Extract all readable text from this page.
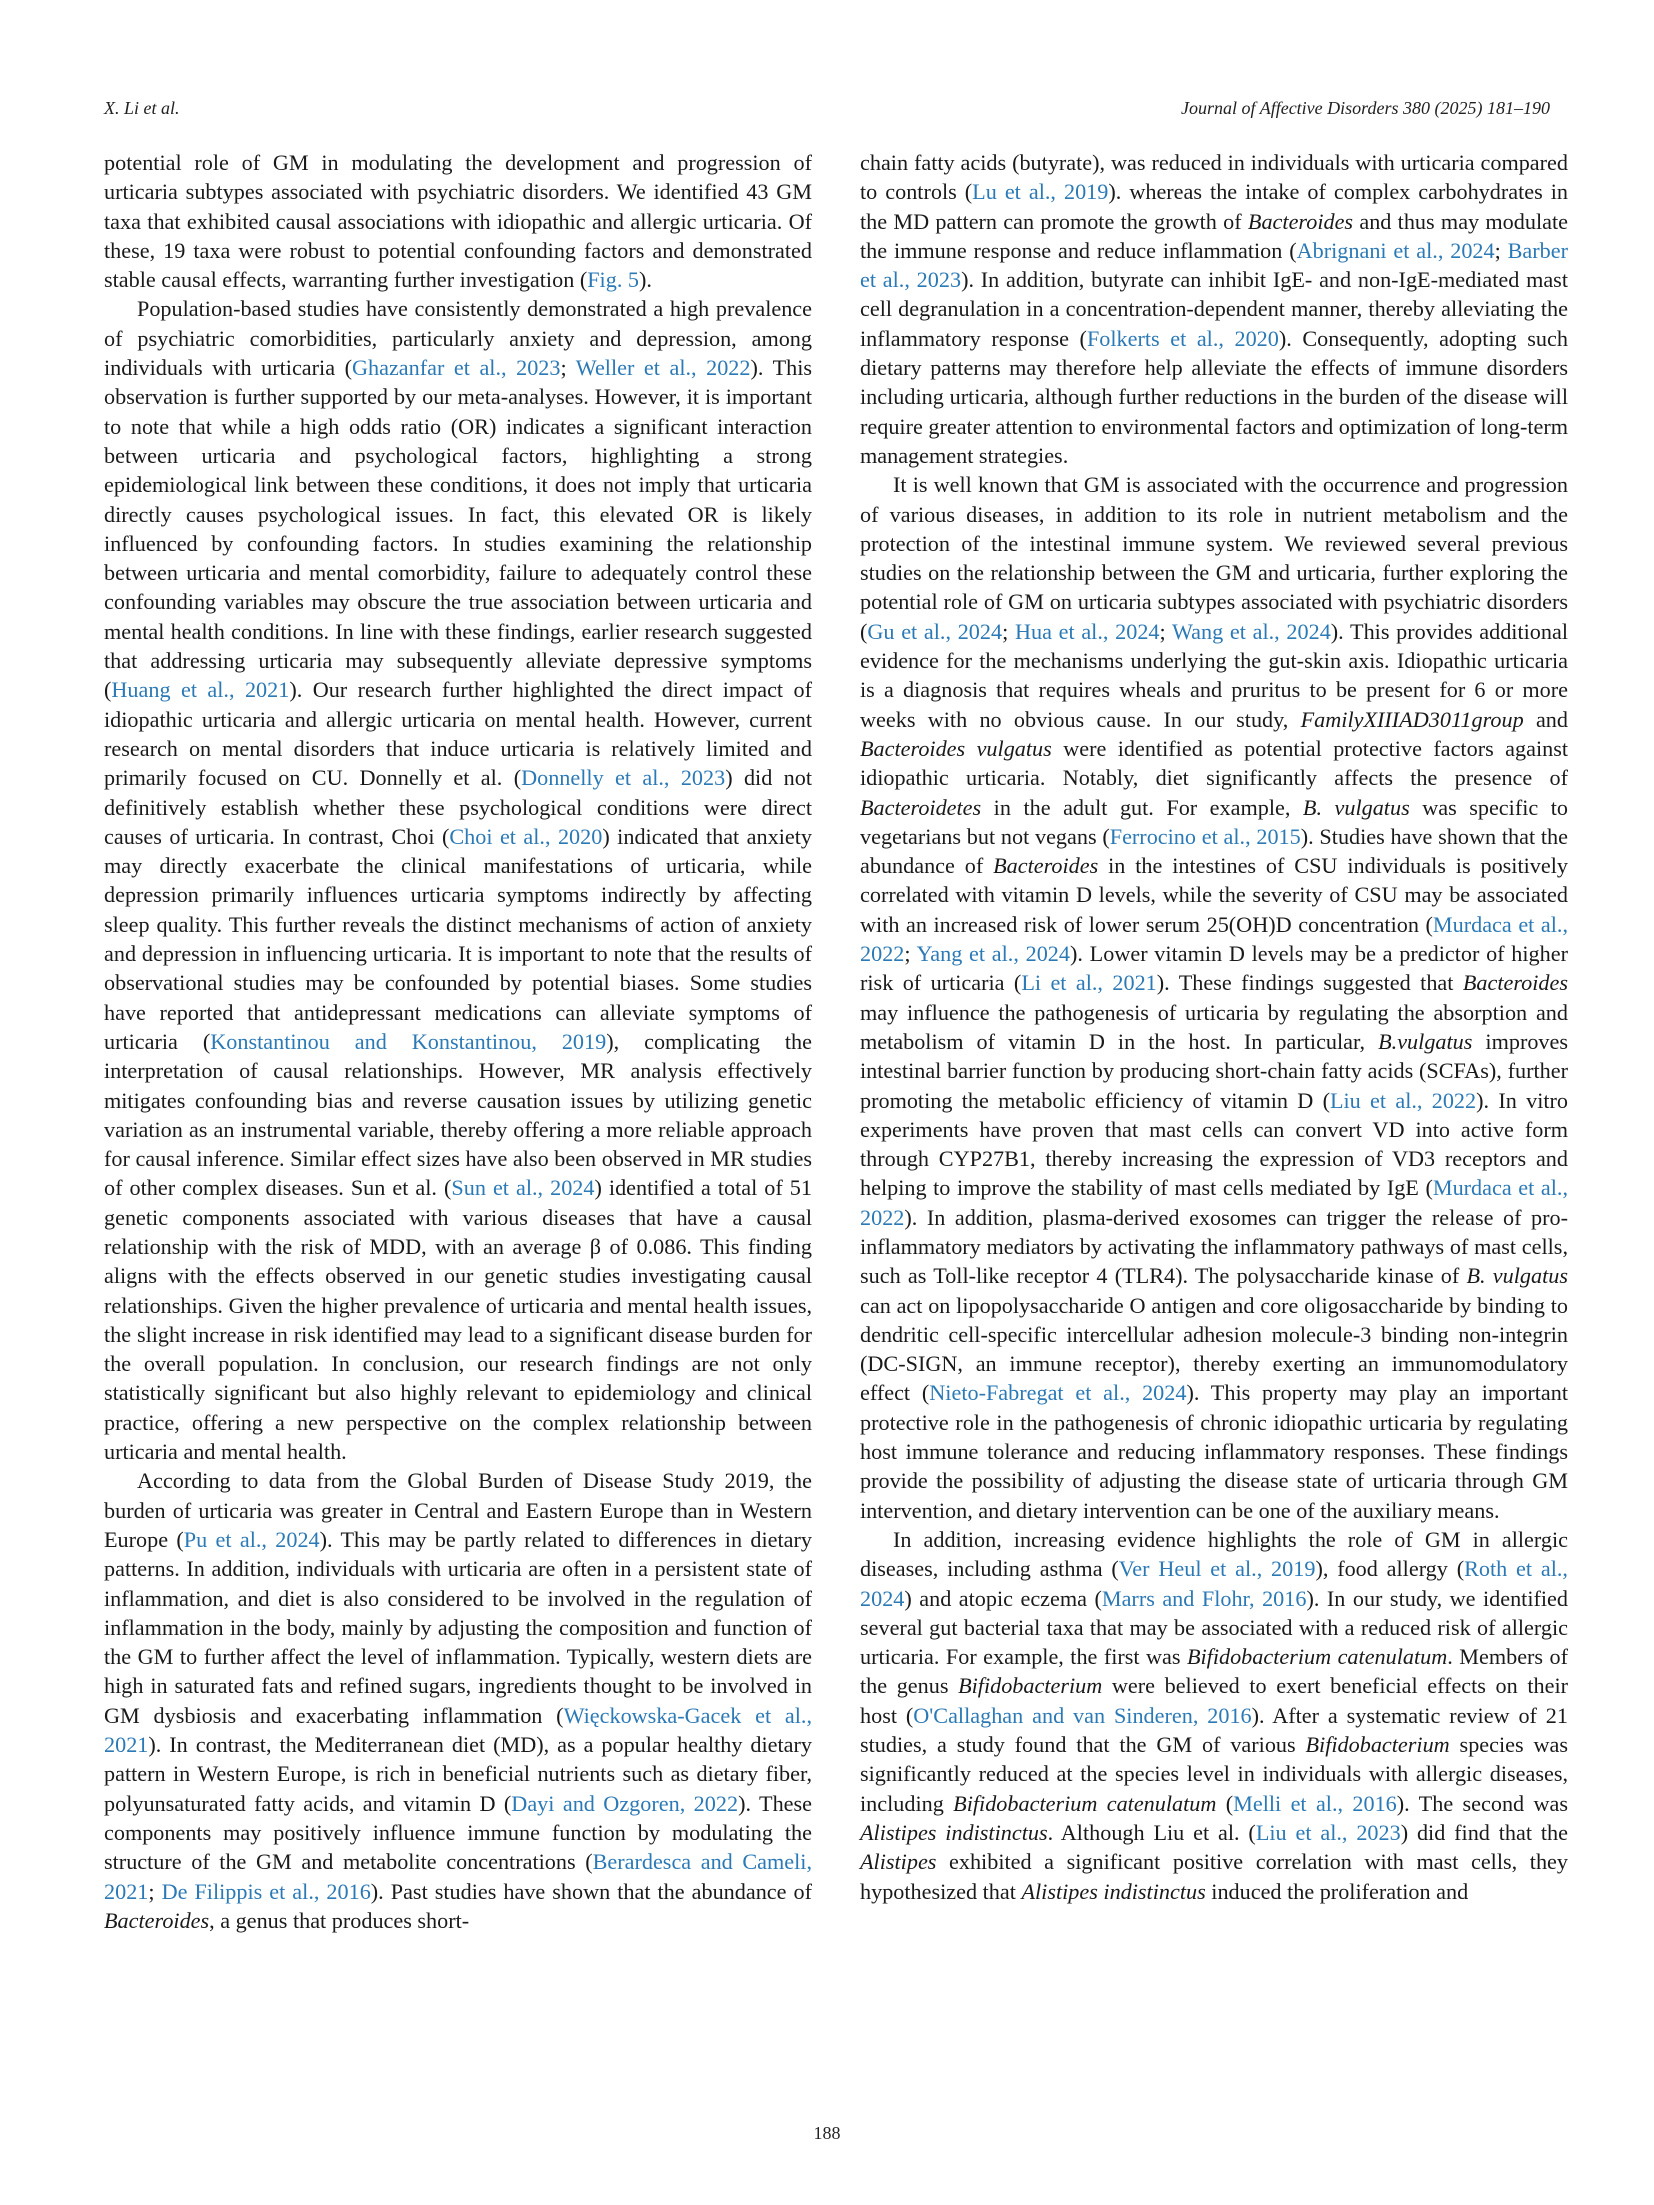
X. Li et al.	Journal of Affective Disorders 380 (2025) 181–190

potential role of GM in modulating the development and progression of urticaria subtypes associated with psychiatric disorders. We identified 43 GM taxa that exhibited causal associations with idiopathic and allergic urticaria. Of these, 19 taxa were robust to potential confounding factors and demonstrated stable causal effects, warranting further investigation (Fig. 5).

Population-based studies have consistently demonstrated a high prevalence of psychiatric comorbidities, particularly anxiety and depression, among individuals with urticaria (Ghazanfar et al., 2023; Weller et al., 2022). This observation is further supported by our meta-analyses. However, it is important to note that while a high odds ratio (OR) indicates a significant interaction between urticaria and psychological factors, highlighting a strong epidemiological link between these conditions, it does not imply that urticaria directly causes psychological issues. In fact, this elevated OR is likely influenced by confounding factors. In studies examining the relationship between urticaria and mental comorbidity, failure to adequately control these confounding variables may obscure the true association between urticaria and mental health conditions. In line with these findings, earlier research suggested that addressing urticaria may subsequently alleviate depressive symptoms (Huang et al., 2021). Our research further highlighted the direct impact of idiopathic urticaria and allergic urticaria on mental health. However, current research on mental disorders that induce urticaria is relatively limited and primarily focused on CU. Donnelly et al. (Donnelly et al., 2023) did not definitively establish whether these psychological conditions were direct causes of urticaria. In contrast, Choi (Choi et al., 2020) indicated that anxiety may directly exacerbate the clinical manifestations of urticaria, while depression primarily influences urticaria symptoms indirectly by affecting sleep quality. This further reveals the distinct mechanisms of action of anxiety and depression in influencing urticaria. It is important to note that the results of observational studies may be confounded by potential biases. Some studies have reported that antidepressant medications can alleviate symptoms of urticaria (Konstantinou and Konstantinou, 2019), complicating the interpretation of causal relationships. However, MR analysis effectively mitigates confounding bias and reverse causation issues by utilizing genetic variation as an instrumental variable, thereby offering a more reliable approach for causal inference. Similar effect sizes have also been observed in MR studies of other complex diseases. Sun et al. (Sun et al., 2024) identified a total of 51 genetic components associated with various diseases that have a causal relationship with the risk of MDD, with an average β of 0.086. This finding aligns with the effects observed in our genetic studies investigating causal relationships. Given the higher prevalence of urticaria and mental health issues, the slight increase in risk identified may lead to a significant disease burden for the overall population. In conclusion, our research findings are not only statistically significant but also highly relevant to epidemiology and clinical practice, offering a new perspective on the complex relationship between urticaria and mental health.

According to data from the Global Burden of Disease Study 2019, the burden of urticaria was greater in Central and Eastern Europe than in Western Europe (Pu et al., 2024). This may be partly related to differences in dietary patterns. In addition, individuals with urticaria are often in a persistent state of inflammation, and diet is also considered to be involved in the regulation of inflammation in the body, mainly by adjusting the composition and function of the GM to further affect the level of inflammation. Typically, western diets are high in saturated fats and refined sugars, ingredients thought to be involved in GM dysbiosis and exacerbating inflammation (Więckowska-Gacek et al., 2021). In contrast, the Mediterranean diet (MD), as a popular healthy dietary pattern in Western Europe, is rich in beneficial nutrients such as dietary fiber, polyunsaturated fatty acids, and vitamin D (Dayi and Ozgoren, 2022). These components may positively influence immune function by modulating the structure of the GM and metabolite concentrations (Berardesca and Cameli, 2021; De Filippis et al., 2016). Past studies have shown that the abundance of Bacteroides, a genus that produces short-

chain fatty acids (butyrate), was reduced in individuals with urticaria compared to controls (Lu et al., 2019). whereas the intake of complex carbohydrates in the MD pattern can promote the growth of Bacteroides and thus may modulate the immune response and reduce inflammation (Abrignani et al., 2024; Barber et al., 2023). In addition, butyrate can inhibit IgE- and non-IgE-mediated mast cell degranulation in a concentration-dependent manner, thereby alleviating the inflammatory response (Folkerts et al., 2020). Consequently, adopting such dietary patterns may therefore help alleviate the effects of immune disorders including urticaria, although further reductions in the burden of the disease will require greater attention to environmental factors and optimization of long-term management strategies.

It is well known that GM is associated with the occurrence and progression of various diseases, in addition to its role in nutrient metabolism and the protection of the intestinal immune system. We reviewed several previous studies on the relationship between the GM and urticaria, further exploring the potential role of GM on urticaria subtypes associated with psychiatric disorders (Gu et al., 2024; Hua et al., 2024; Wang et al., 2024). This provides additional evidence for the mechanisms underlying the gut-skin axis. Idiopathic urticaria is a diagnosis that requires wheals and pruritus to be present for 6 or more weeks with no obvious cause. In our study, FamilyXIIIAD3011group and Bacteroides vulgatus were identified as potential protective factors against idiopathic urticaria. Notably, diet significantly affects the presence of Bacteroidetes in the adult gut. For example, B. vulgatus was specific to vegetarians but not vegans (Ferrocino et al., 2015). Studies have shown that the abundance of Bacteroides in the intestines of CSU individuals is positively correlated with vitamin D levels, while the severity of CSU may be associated with an increased risk of lower serum 25(OH)D concentration (Murdaca et al., 2022; Yang et al., 2024). Lower vitamin D levels may be a predictor of higher risk of urticaria (Li et al., 2021). These findings suggested that Bacteroides may influence the pathogenesis of urticaria by regulating the absorption and metabolism of vitamin D in the host. In particular, B.vulgatus improves intestinal barrier function by producing short-chain fatty acids (SCFAs), further promoting the metabolic efficiency of vitamin D (Liu et al., 2022). In vitro experiments have proven that mast cells can convert VD into active form through CYP27B1, thereby increasing the expression of VD3 receptors and helping to improve the stability of mast cells mediated by IgE (Murdaca et al., 2022). In addition, plasma-derived exosomes can trigger the release of pro-inflammatory mediators by activating the inflammatory pathways of mast cells, such as Toll-like receptor 4 (TLR4). The polysaccharide kinase of B. vulgatus can act on lipopolysaccharide O antigen and core oligosaccharide by binding to dendritic cell-specific intercellular adhesion molecule-3 binding non-integrin (DC-SIGN, an immune receptor), thereby exerting an immunomodulatory effect (Nieto-Fabregat et al., 2024). This property may play an important protective role in the pathogenesis of chronic idiopathic urticaria by regulating host immune tolerance and reducing inflammatory responses. These findings provide the possibility of adjusting the disease state of urticaria through GM intervention, and dietary intervention can be one of the auxiliary means.

In addition, increasing evidence highlights the role of GM in allergic diseases, including asthma (Ver Heul et al., 2019), food allergy (Roth et al., 2024) and atopic eczema (Marrs and Flohr, 2016). In our study, we identified several gut bacterial taxa that may be associated with a reduced risk of allergic urticaria. For example, the first was Bifidobacterium catenulatum. Members of the genus Bifidobacterium were believed to exert beneficial effects on their host (O'Callaghan and van Sinderen, 2016). After a systematic review of 21 studies, a study found that the GM of various Bifidobacterium species was significantly reduced at the species level in individuals with allergic diseases, including Bifidobacterium catenulatum (Melli et al., 2016). The second was Alistipes indistinctus. Although Liu et al. (Liu et al., 2023) did find that the Alistipes exhibited a significant positive correlation with mast cells, they hypothesized that Alistipes indistinctus induced the proliferation and

188
